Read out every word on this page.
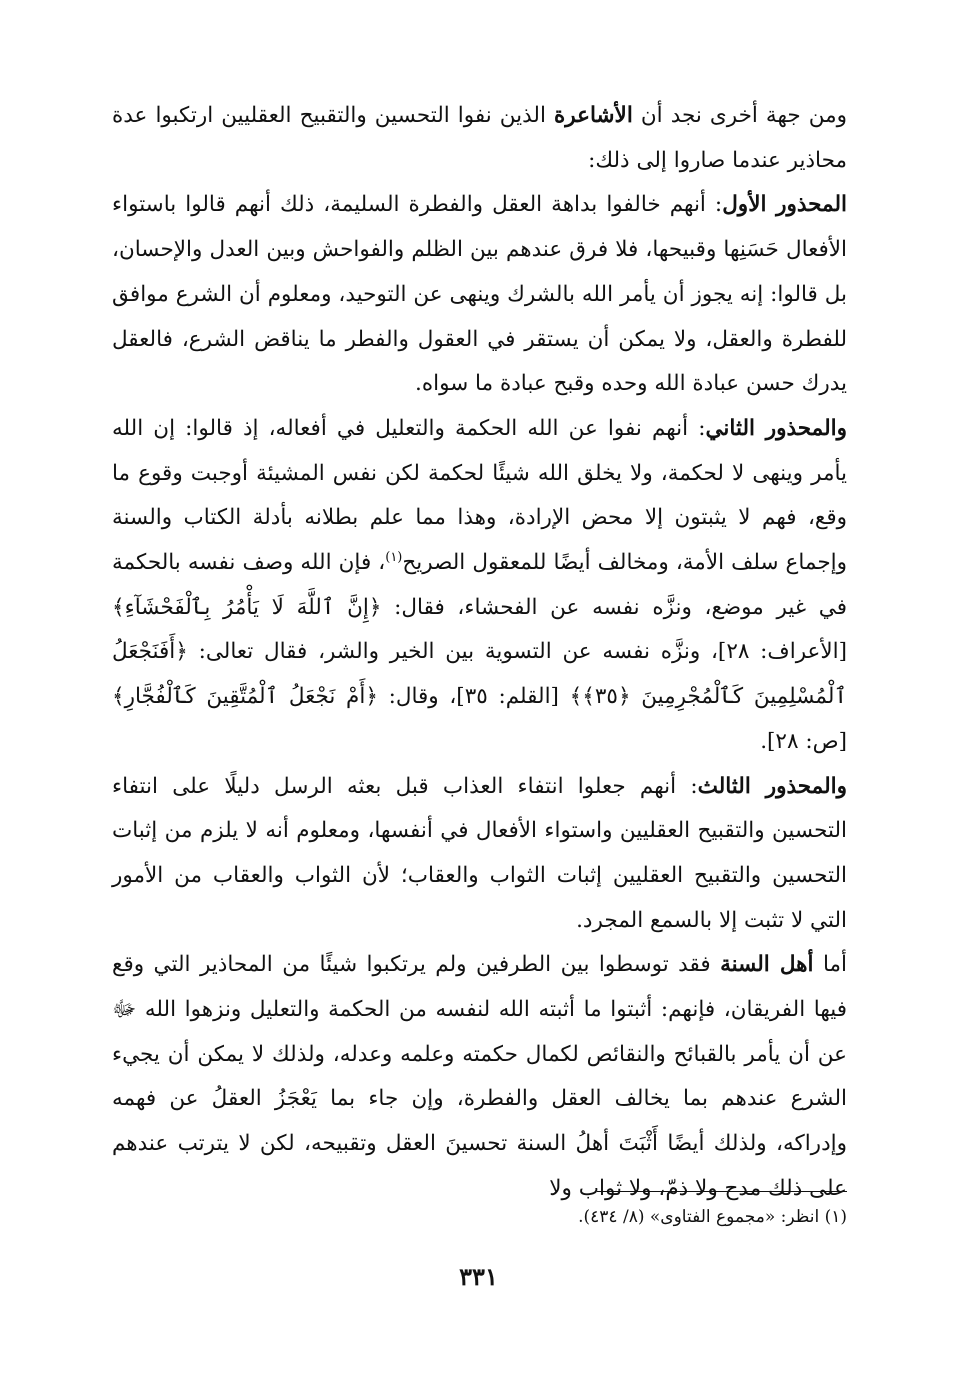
ومن جهة أخرى نجد أن الأشاعرة الذين نفوا التحسين والتقبيح العقليين ارتكبوا عدة محاذير عندما صاروا إلى ذلك:

المحذور الأول: أنهم خالفوا بداهة العقل والفطرة السليمة، ذلك أنهم قالوا باستواء الأفعال حَسَنِها وقبيحها، فلا فرق عندهم بين الظلم والفواحش وبين العدل والإحسان، بل قالوا: إنه يجوز أن يأمر الله بالشرك وينهى عن التوحيد، ومعلوم أن الشرع موافق للفطرة والعقل، ولا يمكن أن يستقر في العقول والفطر ما يناقض الشرع، فالعقل يدرك حسن عبادة الله وحده وقبح عبادة ما سواه.

والمحذور الثاني: أنهم نفوا عن الله الحكمة والتعليل في أفعاله، إذ قالوا: إن الله يأمر وينهى لا لحكمة، ولا يخلق الله شيئًا لحكمة لكن نفس المشيئة أوجبت وقوع ما وقع، فهم لا يثبتون إلا محض الإرادة، وهذا مما علم بطلانه بأدلة الكتاب والسنة وإجماع سلف الأمة، ومخالف أيضًا للمعقول الصريح$^{(١)}$، فإن الله وصف نفسه بالحكمة في غير موضع، ونزَّه نفسه عن الفحشاء، فقال: ﴿إِنَّ ٱللَّهَ لَا يَأْمُرُ بِٱلْفَحْشَآءِ﴾ [الأعراف: ٢٨]، ونزَّه نفسه عن التسوية بين الخير والشر، فقال تعالى: ﴿أَفَنَجْعَلُ ٱلْمُسْلِمِينَ كَٱلْمُجْرِمِينَ ﴿٣٥﴾﴾ [القلم: ٣٥]، وقال: ﴿أَمْ نَجْعَلُ ٱلْمُتَّقِينَ كَٱلْفُجَّارِ﴾ [ص: ٢٨].

والمحذور الثالث: أنهم جعلوا انتفاء العذاب قبل بعثه الرسل دليلًا على انتفاء التحسين والتقبيح العقليين واستواء الأفعال في أنفسها، ومعلوم أنه لا يلزم من إثبات التحسين والتقبيح العقليين إثبات الثواب والعقاب؛ لأن الثواب والعقاب من الأمور التي لا تثبت إلا بالسمع المجرد.

أما أهل السنة فقد توسطوا بين الطرفين ولم يرتكبوا شيئًا من المحاذير التي وقع فيها الفريقان، فإنهم: أثبتوا ما أثبته الله لنفسه من الحكمة والتعليل ونزهوا الله ﷻ عن أن يأمر بالقبائح والنقائص لكمال حكمته وعلمه وعدله، ولذلك لا يمكن أن يجيء الشرع عندهم بما يخالف العقل والفطرة، وإن جاء بما يَعْجَزُ العقلُ عن فهمه وإدراكه، ولذلك أيضًا أَثْبَتَ أهلُ السنة تحسينَ العقل وتقبيحه، لكن لا يترتب عندهم على ذلك مدح ولا ذمّ، ولا ثواب ولا

(١) انظر: «مجموع الفتاوى» (٨/ ٤٣٤).

٣٣١
